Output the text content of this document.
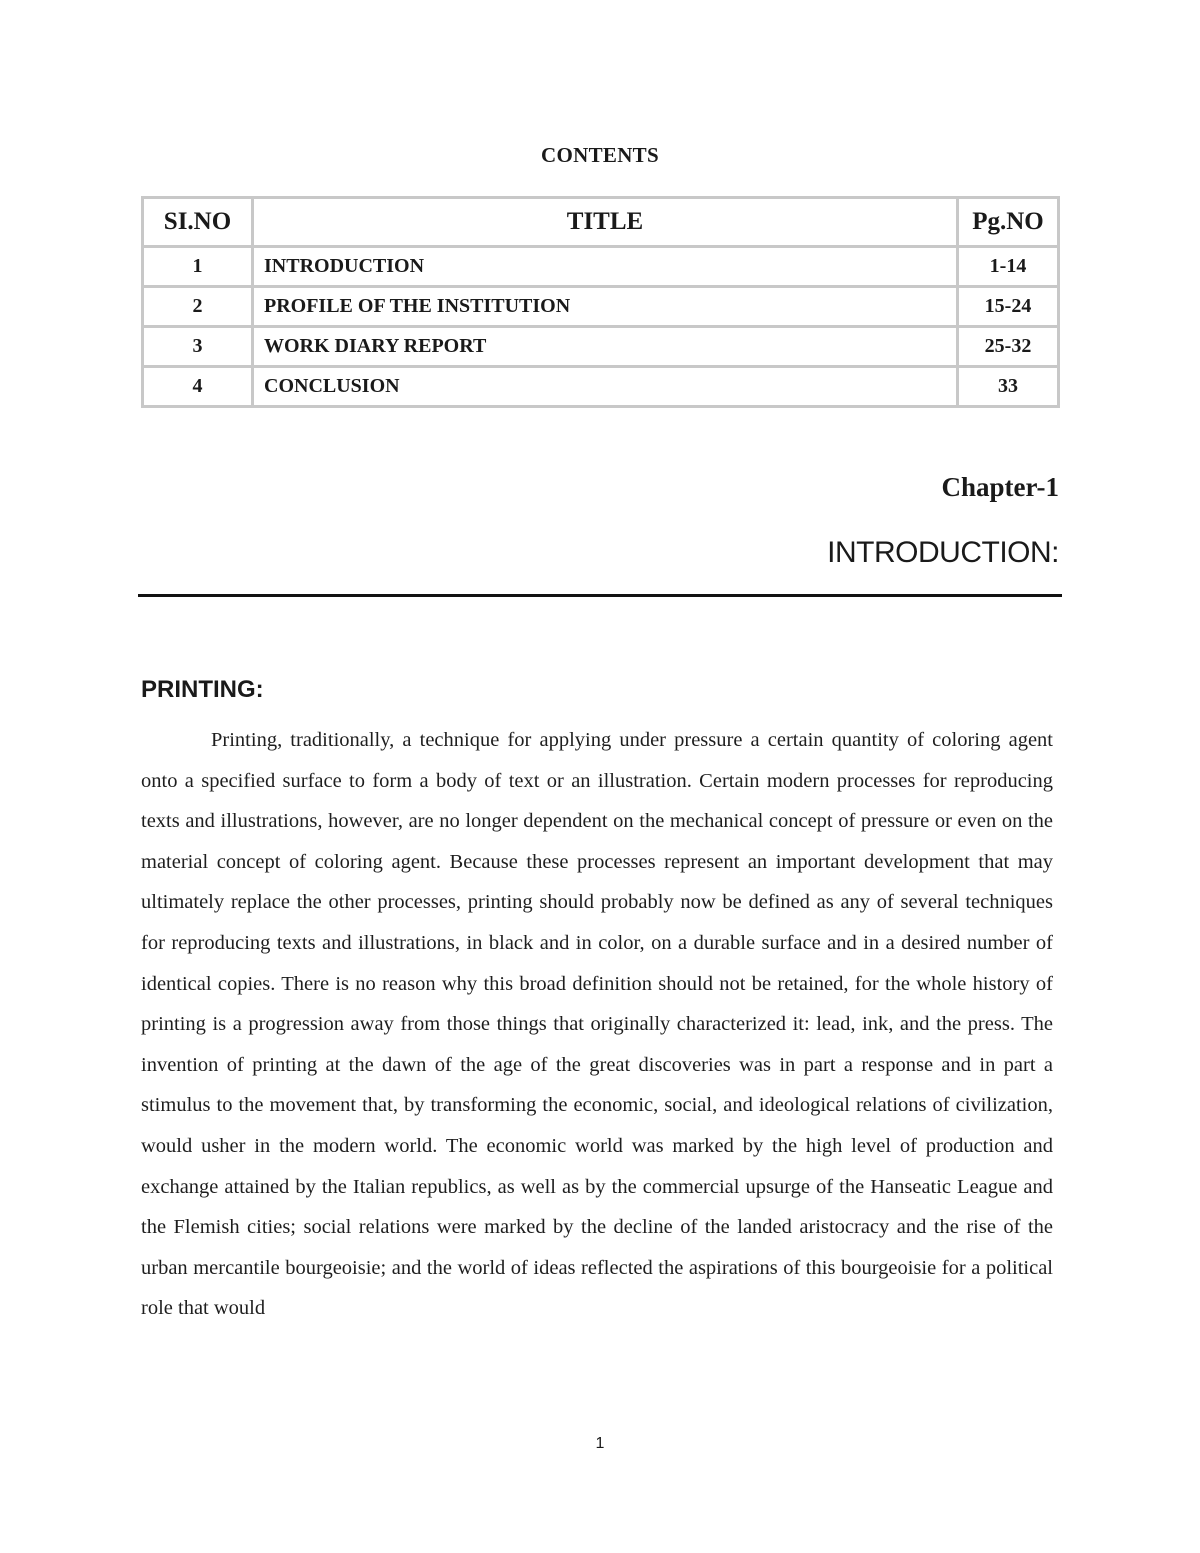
CONTENTS
SI.NO	TITLE	Pg.NO
1	INTRODUCTION	1-14
2	PROFILE OF THE INSTITUTION	15-24
3	WORK DIARY REPORT	25-32
4	CONCLUSION	33
Chapter-1
INTRODUCTION:
PRINTING:

Printing, traditionally, a technique for applying under pressure a certain quantity of coloring agent onto a specified surface to form a body of text or an illustration. Certain modern processes for reproducing texts and illustrations, however, are no longer dependent on the mechanical concept of pressure or even on the material concept of coloring agent. Because these processes represent an important development that may ultimately replace the other processes, printing should probably now be defined as any of several techniques for reproducing texts and illustrations, in black and in color, on a durable surface and in a desired number of identical copies. There is no reason why this broad definition should not be retained, for the whole history of printing is a progression away from those things that originally characterized it: lead, ink, and the press. The invention of printing at the dawn of the age of the great discoveries was in part a response and in part a stimulus to the movement that, by transforming the economic, social, and ideological relations of civilization, would usher in the modern world. The economic world was marked by the high level of production and exchange attained by the Italian republics, as well as by the commercial upsurge of the Hanseatic League and the Flemish cities; social relations were marked by the decline of the landed aristocracy and the rise of the urban mercantile bourgeoisie; and the world of ideas reflected the aspirations of this bourgeoisie for a political role that would

1
